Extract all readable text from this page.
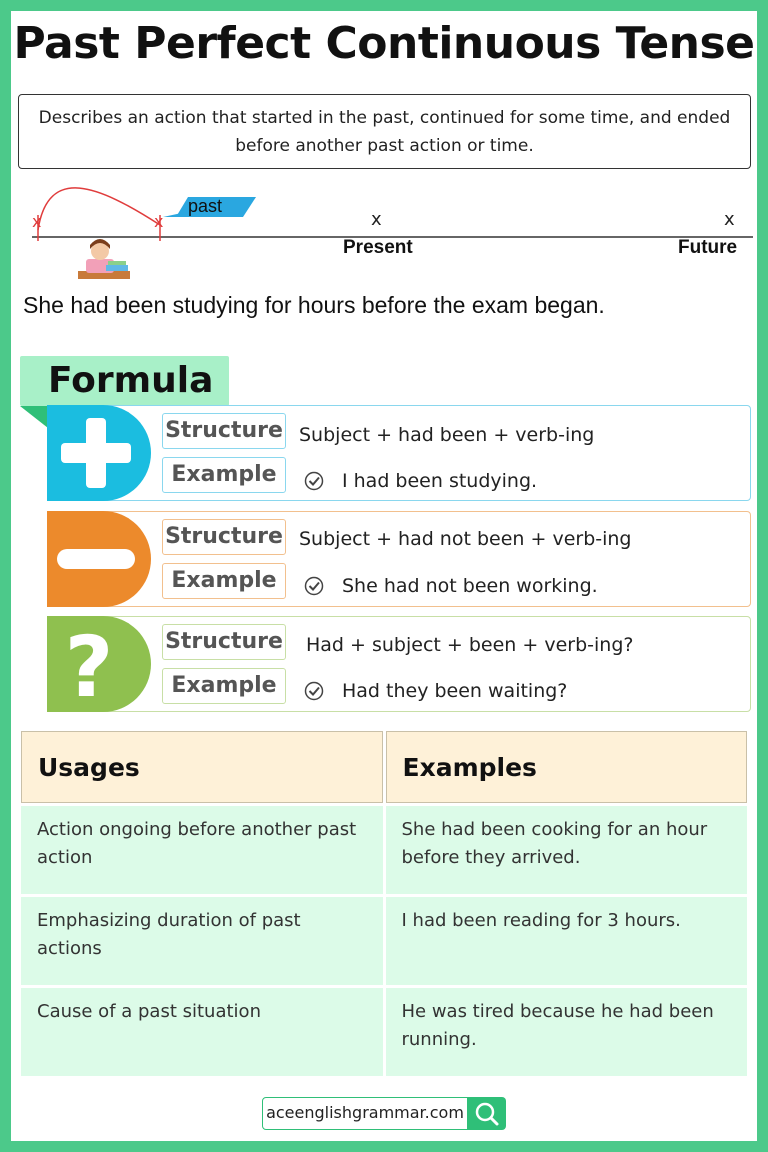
Past Perfect Continuous Tense
Describes an action that started in the past, continued for some time, and ended before another past action or time.
x	x	x	x
past
Present	Future

She had been studying for hours before the exam began.

Formula
Structure
Example
Subject + had been + verb-ing
I had been studying.
Structure
Example
Subject + had not been + verb-ing
She had not been working.
? Structure
Example
Had + subject + been + verb-ing?
Had they been waiting?
Usages	Examples
Action ongoing before another past action	She had been cooking for an hour before they arrived.
Emphasizing duration of past actions	I had been reading for 3 hours.
Cause of a past situation	He was tired because he had been running.
aceenglishgrammar.com
